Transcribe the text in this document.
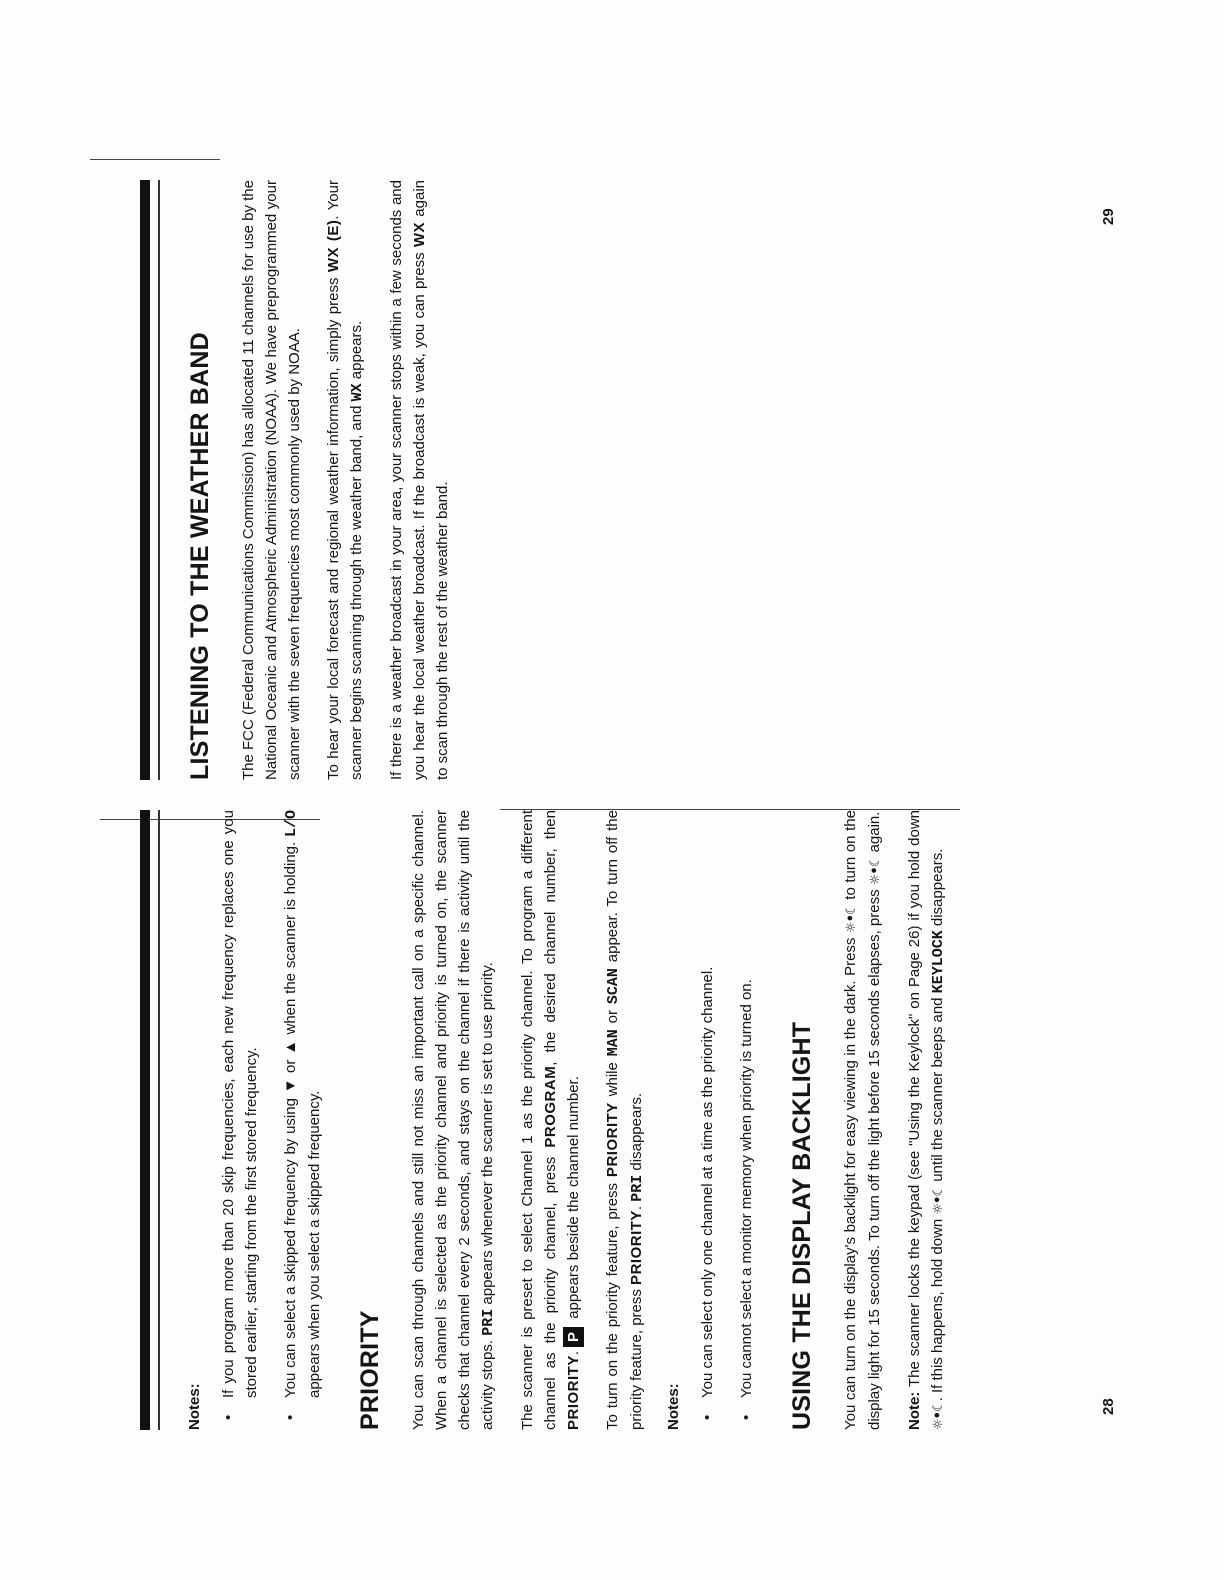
Notes: •
If you program more than 20 skip frequencies, each new frequency replaces one you stored earlier, starting from the first stored frequency.
•
You can select a skipped frequency by using ▼ or ▲ when the scanner is holding. L/O appears when you select a skipped frequency. PRIORITY You can scan through channels and still not miss an important call on a specific channel. When a channel is selected as the priority channel and priority is turned on, the scanner checks that channel every 2 seconds, and stays on the channel if there is activity until the activity stops. PRI appears whenever the scanner is set to use priority. The scanner is preset to select Channel 1 as the priority channel. To program a different channel as the priority channel, press PROGRAM, the desired channel number, then PRIORITY.P appears beside the channel number. To turn on the priority feature, press PRIORITY while MAN or SCAN appear. To turn off the priority feature, press PRIORITY. PRI disappears.

Notes: •
You can select only one channel at a time as the priority channel.
•
You cannot select a monitor memory when priority is turned on. USING THE DISPLAY BACKLIGHT You can turn on the display's backlight for easy viewing in the dark. Press ☼•☾ to turn on the display light for 15 seconds. To turn off the light before 15 seconds elapses, press ☼•☾ again.

Note: The scanner locks the keypad (see "Using the Keylock" on Page 26) if you hold down ☼•☾. If this happens, hold down ☼•☾ until the scanner beeps and KEYLOCK disappears.

28
LISTENING TO THE WEATHER BAND The FCC (Federal Communications Commission) has allocated 11 channels for use by the National Oceanic and Atmospheric Administration (NOAA). We have preprogrammed your scanner with the seven frequencies most commonly used by NOAA. To hear your local forecast and regional weather information, simply press WX (E). Your scanner begins scanning through the weather band, and WX appears. If there is a weather broadcast in your area, your scanner stops within a few seconds and you hear the local weather broadcast. If the broadcast is weak, you can press WX again to scan through the rest of the weather band.

29
